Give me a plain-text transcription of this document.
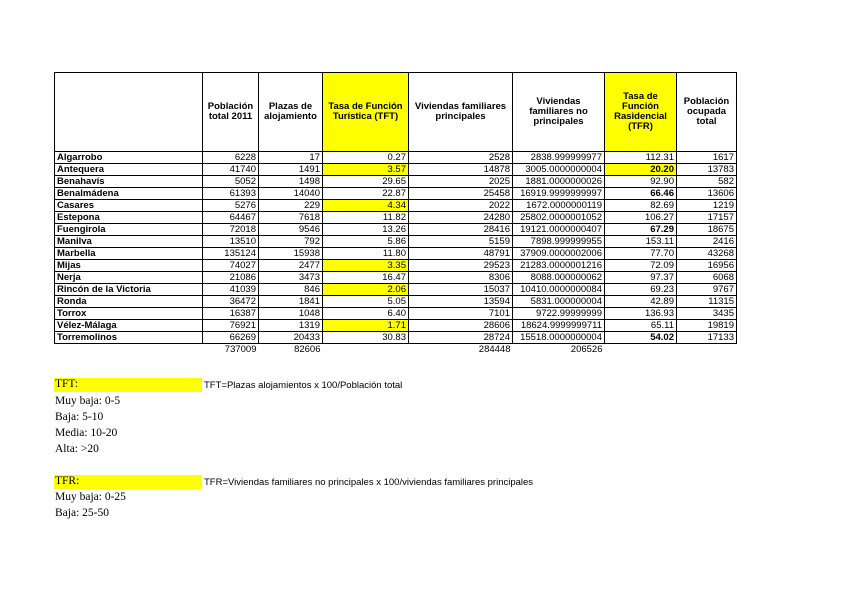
	Población total 2011	Plazas de alojamiento	Tasa de Función Turística (TFT)	Viviendas familiares principales	Viviendas familiares no principales	Tasa de Función Rasidencial (TFR)	Población ocupada total
Algarrobo	6228	17	0.27	2528	2838.999999977	112.31	1617
Antequera	41740	1491	3.57	14878	3005.0000000004	20.20	13783
Benahavís	5052	1498	29.65	2025	1881.0000000026	92.90	582
Benalmádena	61393	14040	22.87	25458	16919.9999999997	66.46	13606
Casares	5276	229	4.34	2022	1672.0000000119	82.69	1219
Estepona	64467	7618	11.82	24280	25802.0000001052	106.27	17157
Fuengirola	72018	9546	13.26	28416	19121.0000000407	67.29	18675
Manilva	13510	792	5.86	5159	7898.999999955	153.11	2416
Marbella	135124	15938	11.80	48791	37909.0000002006	77.70	43268
Mijas	74027	2477	3.35	29523	21283.0000001216	72.09	16956
Nerja	21086	3473	16.47	8306	8088.000000062	97.37	6068
Rincón de la Victoria	41039	846	2.06	15037	10410.0000000084	69.23	9767
Ronda	36472	1841	5.05	13594	5831.000000004	42.89	11315
Torrox	16387	1048	6.40	7101	9722.99999999	136.93	3435
Vélez-Málaga	76921	1319	1.71	28606	18624.9999999711	65.11	19819
Torremolinos	66269	20433	30.83	28724	15518.0000000004	54.02	17133
	737009	82606		284448	206526		
TFT:	TFT=Plazas alojamientos x 100/Población total
Muy baja: 0-5
Baja: 5-10
Media: 10-20
Alta: >20
TFR:	TFR=Viviendas familiares no principales x 100/viviendas familiares principales
Muy baja: 0-25
Baja: 25-50
